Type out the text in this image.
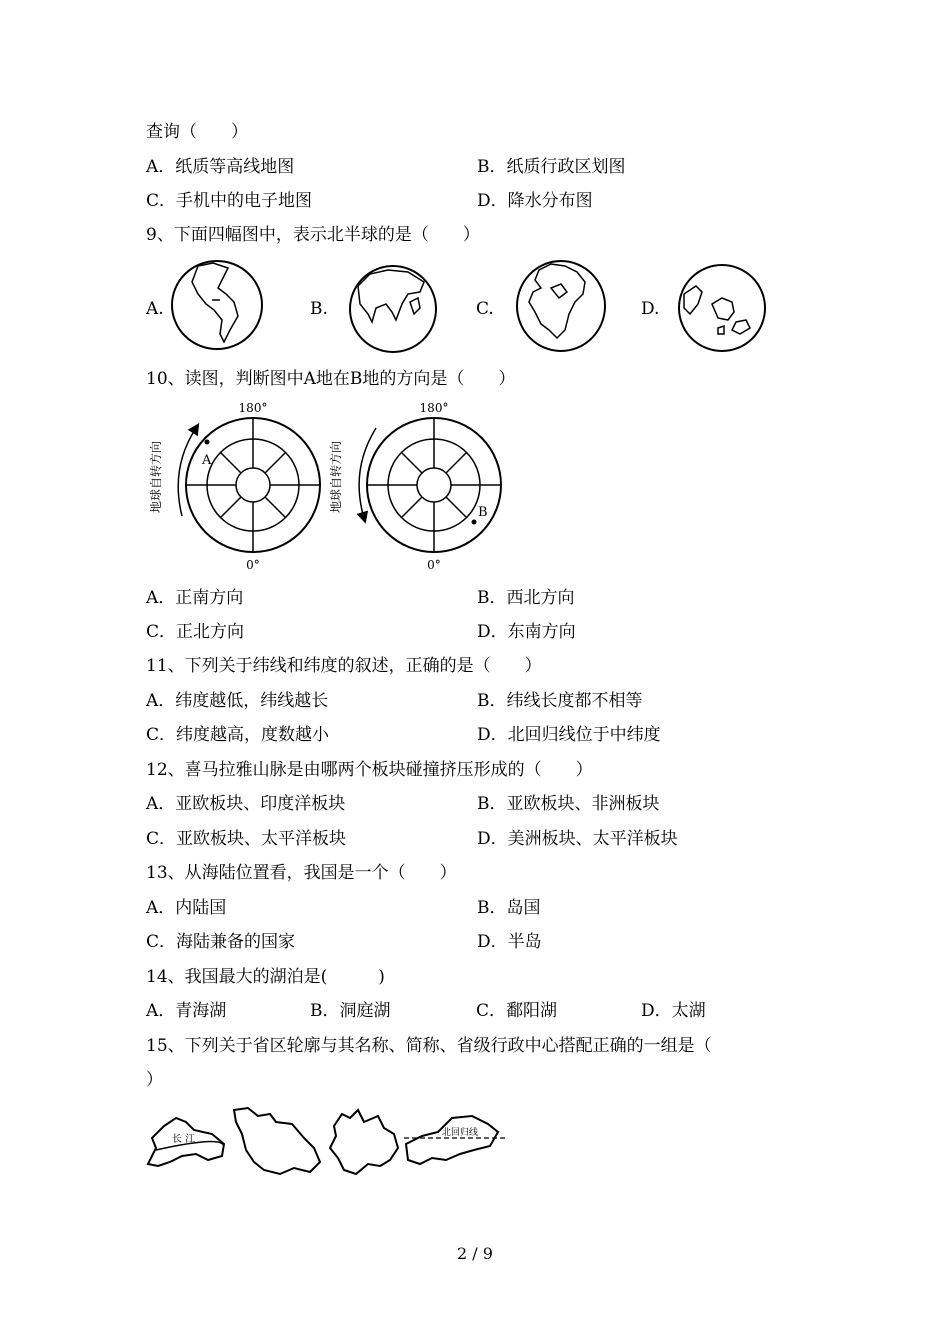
查询（　　）
A．纸质等高线地图	B．纸质行政区划图
C．手机中的电子地图	D．降水分布图
9、下面四幅图中，表示北半球的是（　　）
A.	B.	C.	D.
10、读图，判断图中A地在B地的方向是（　　）
180°
0°
A
地球自转方向
180°
0°
B
地球自转方向
A．正南方向	B．西北方向
C．正北方向	D．东南方向
11、下列关于纬线和纬度的叙述，正确的是（　　）
A．纬度越低，纬线越长	B．纬线长度都不相等
C．纬度越高，度数越小	D．北回归线位于中纬度
12、喜马拉雅山脉是由哪两个板块碰撞挤压形成的（　　）
A．亚欧板块、印度洋板块	B．亚欧板块、非洲板块
C．亚欧板块、太平洋板块	D．美洲板块、太平洋板块
13、从海陆位置看，我国是一个（　　）
A．内陆国	B．岛国
C．海陆兼备的国家	D．半岛
14、我国最大的湖泊是(　　　)
A．青海湖	B．洞庭湖	C．鄱阳湖	D．太湖
15、下列关于省区轮廓与其名称、简称、省级行政中心搭配正确的一组是（
）
长 江
北回归线
2 / 9
